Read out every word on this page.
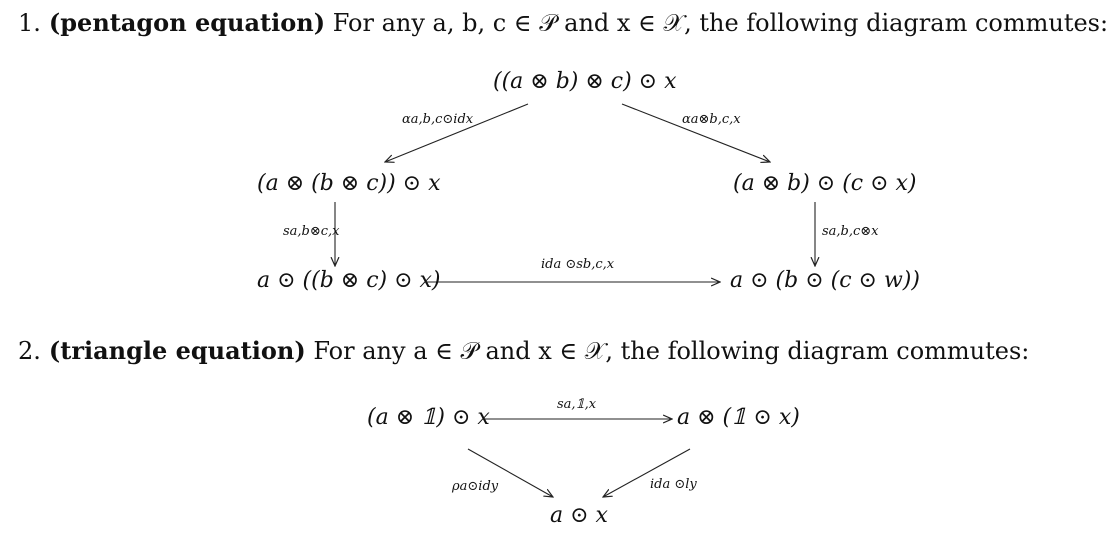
1. (pentagon equation) For any a, b, c ∈ 𝒫 and x ∈ 𝒳, the following diagram commutes:
((a ⊗ b) ⊗ c) ⊙ x
(a ⊗ (b ⊗ c)) ⊙ x	(a ⊗ b) ⊙ (c ⊙ x)
a ⊙ ((b ⊗ c) ⊙ x)	a ⊙ (b ⊙ (c ⊙ w))
αa,b,c⊙idx	αa⊗b,c,x
sa,b⊗c,x	sa,b,c⊗x
ida ⊙sb,c,x
2. (triangle equation) For any a ∈ 𝒫 and x ∈ 𝒳, the following diagram commutes:
(a ⊗ 𝟙) ⊙ x	a ⊗ (𝟙 ⊙ x)
a ⊙ x
sa,𝟙,x
ρa⊙idy	ida ⊙ly
